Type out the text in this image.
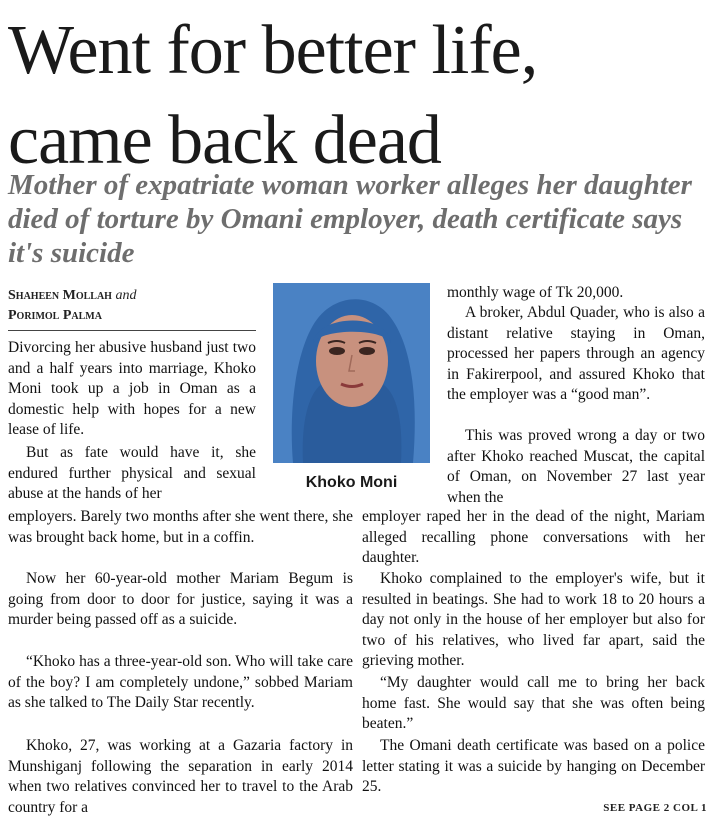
Went for better life,
came back dead

Mother of expatriate woman worker alleges her daughter died of torture by Omani employer, death certificate says it's suicide

Shaheen Mollah and
Porimol Palma
Khoko Moni

Divorcing her abusive husband just two and a half years into marriage, Khoko Moni took up a job in Oman as a domestic help with hopes for a new lease of life.

But as fate would have it, she endured further physical and sexual abuse at the hands of her

employers. Barely two months after she went there, she was brought back home, but in a coffin.

Now her 60-year-old mother Mariam Begum is going from door to door for justice, saying it was a murder being passed off as a suicide.

“Khoko has a three-year-old son. Who will take care of the boy? I am completely undone,” sobbed Mariam as she talked to The Daily Star recently.

Khoko, 27, was working at a Gazaria factory in Munshiganj following the separation in early 2014 when two relatives convinced her to travel to the Arab country for a

monthly wage of Tk 20,000.

A broker, Abdul Quader, who is also a distant relative staying in Oman, processed her papers through an agency in Fakirerpool, and assured Khoko that the employer was a “good man”.

This was proved wrong a day or two after Khoko reached Muscat, the capital of Oman, on November 27 last year when the

employer raped her in the dead of the night, Mariam alleged recalling phone conversations with her daughter.

Khoko complained to the employer's wife, but it resulted in beatings. She had to work 18 to 20 hours a day not only in the house of her employer but also for two of his relatives, who lived far apart, said the grieving mother.

“My daughter would call me to bring her back home fast. She would say that she was often being beaten.”

The Omani death certificate was based on a police letter stating it was a suicide by hanging on December 25.

SEE PAGE 2 COL 1
